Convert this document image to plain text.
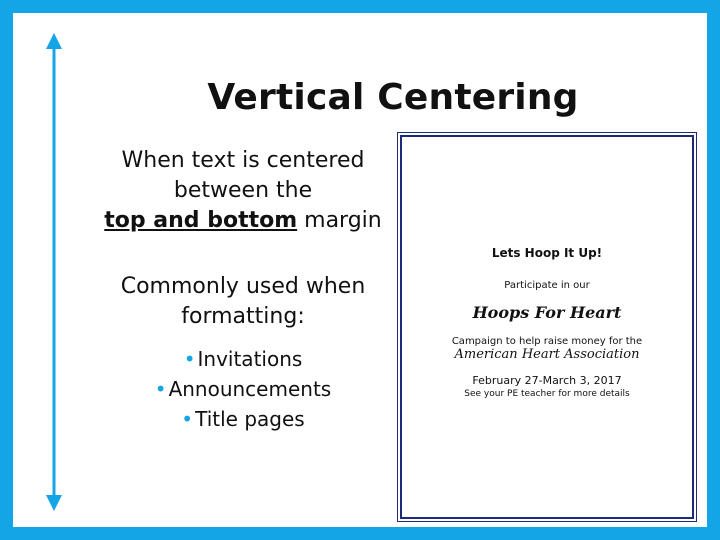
Vertical Centering
When text is centered
between the
top and bottom margin
Commonly used when
formatting:
• Invitations
• Announcements
• Title pages
Lets Hoop It Up!
Participate in our
Hoops For Heart
Campaign to help raise money for the
American Heart Association
February 27-March 3, 2017
See your PE teacher for more details
